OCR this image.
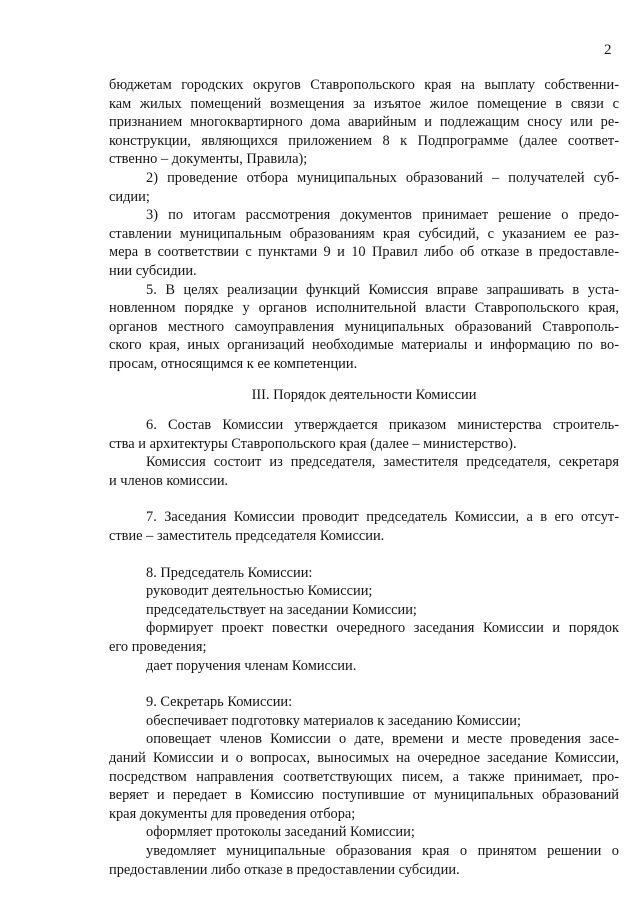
2
бюджетам городских округов Ставропольского края на выплату собственни-
кам жилых помещений возмещения за изъятое жилое помещение в связи с
признанием многоквартирного дома аварийным и подлежащим сносу или ре-
конструкции, являющихся приложением 8 к Подпрограмме (далее соответ-
ственно – документы, Правила);
2) проведение отбора муниципальных образований – получателей суб-
сидии;
3) по итогам рассмотрения документов принимает решение о предо-
ставлении муниципальным образованиям края субсидий, с указанием ее раз-
мера в соответствии с пунктами 9 и 10 Правил либо об отказе в предоставле-
нии субсидии.
5. В целях реализации функций Комиссия вправе запрашивать в уста-
новленном порядке у органов исполнительной власти Ставропольского края,
органов местного самоуправления муниципальных образований Ставрополь-
ского края, иных организаций необходимые материалы и информацию по во-
просам, относящимся к ее компетенции.
III. Порядок деятельности Комиссии
6. Состав Комиссии утверждается приказом министерства строитель-
ства и архитектуры Ставропольского края (далее – министерство).
Комиссия состоит из председателя, заместителя председателя, секретаря
и членов комиссии.
7. Заседания Комиссии проводит председатель Комиссии, а в его отсут-
ствие – заместитель председателя Комиссии.
8. Председатель Комиссии:
руководит деятельностью Комиссии;
председательствует на заседании Комиссии;
формирует проект повестки очередного заседания Комиссии и порядок
его проведения;
дает поручения членам Комиссии.
9. Секретарь Комиссии:
обеспечивает подготовку материалов к заседанию Комиссии;
оповещает членов Комиссии о дате, времени и месте проведения засе-
даний Комиссии и о вопросах, выносимых на очередное заседание Комиссии,
посредством направления соответствующих писем, а также принимает, про-
веряет и передает в Комиссию поступившие от муниципальных образований
края документы для проведения отбора;
оформляет протоколы заседаний Комиссии;
уведомляет муниципальные образования края о принятом решении о
предоставлении либо отказе в предоставлении субсидии.
